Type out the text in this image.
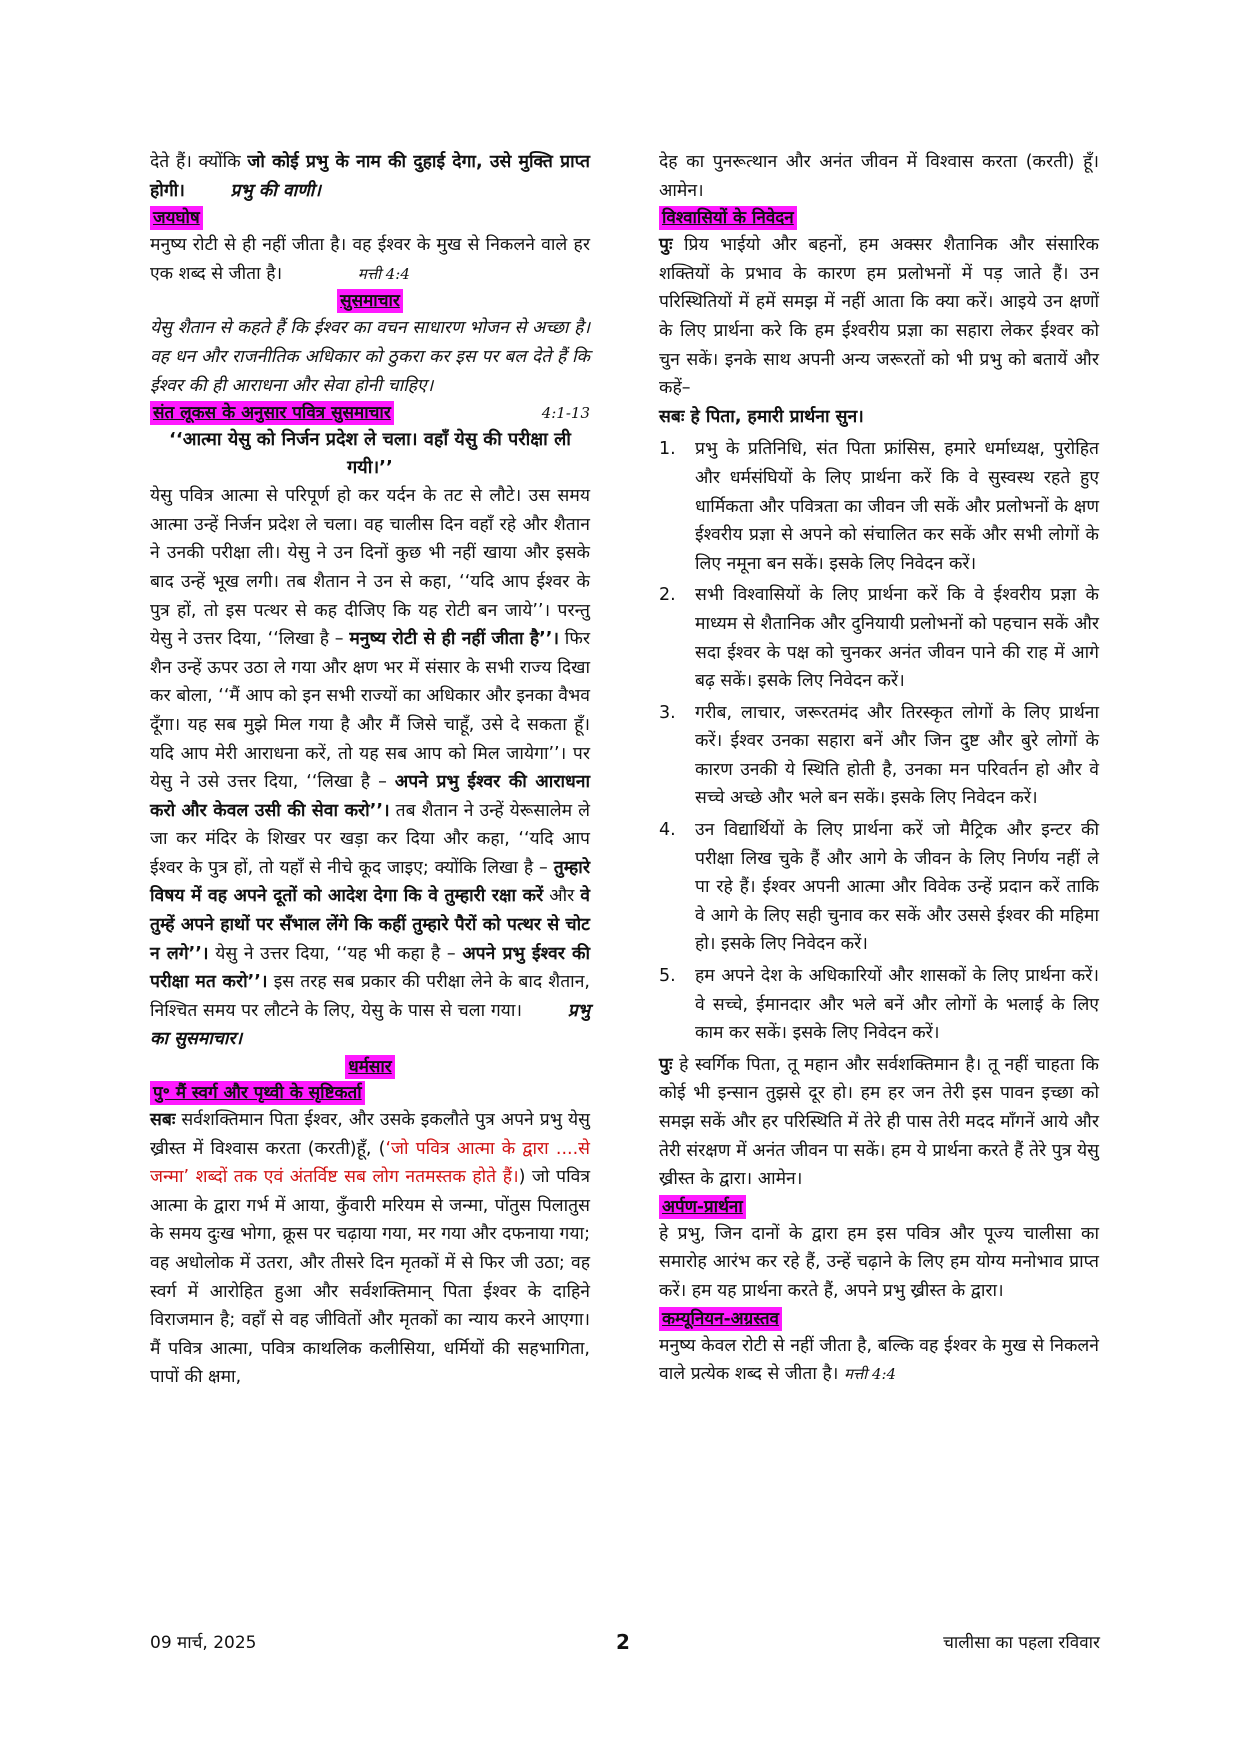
देते हैं। क्योंकि जो कोई प्रभु के नाम की दुहाई देगा, उसे मुक्ति प्राप्त होगी।	प्रभु की वाणी।

जयघोष

मनुष्य रोटी से ही नहीं जीता है। वह ईश्वर के मुख से निकलने वाले हर एक शब्द से जीता है।	मत्ती 4:4

सुसमाचार

येसु शैतान से कहते हैं कि ईश्वर का वचन साधारण भोजन से अच्छा है। वह धन और राजनीतिक अधिकार को ठुकरा कर इस पर बल देते हैं कि ईश्वर की ही आराधना और सेवा होनी चाहिए।

संत लूकस के अनुसार पवित्र सुसमाचार	4:1-13

‘‘आत्मा येसु को निर्जन प्रदेश ले चला। वहाँ येसु की परीक्षा ली गयी।’’

येसु पवित्र आत्मा से परिपूर्ण हो कर यर्दन के तट से लौटे। उस समय आत्मा उन्हें निर्जन प्रदेश ले चला। वह चालीस दिन वहाँ रहे और शैतान ने उनकी परीक्षा ली। येसु ने उन दिनों कुछ भी नहीं खाया और इसके बाद उन्हें भूख लगी। तब शैतान ने उन से कहा, ‘‘यदि आप ईश्वर के पुत्र हों, तो इस पत्थर से कह दीजिए कि यह रोटी बन जाये’’। परन्तु येसु ने उत्तर दिया, ‘‘लिखा है – मनुष्य रोटी से ही नहीं जीता है’’। फिर शैन उन्हें ऊपर उठा ले गया और क्षण भर में संसार के सभी राज्य दिखा कर बोला, ‘‘मैं आप को इन सभी राज्यों का अधिकार और इनका वैभव दूँगा। यह सब मुझे मिल गया है और मैं जिसे चाहूँ, उसे दे सकता हूँ। यदि आप मेरी आराधना करें, तो यह सब आप को मिल जायेगा’’। पर येसु ने उसे उत्तर दिया, ‘‘लिखा है – अपने प्रभु ईश्वर की आराधना करो और केवल उसी की सेवा करो’’। तब शैतान ने उन्हें येरूसालेम ले जा कर मंदिर के शिखर पर खड़ा कर दिया और कहा, ‘‘यदि आप ईश्वर के पुत्र हों, तो यहाँ से नीचे कूद जाइए; क्योंकि लिखा है – तुम्हारे विषय में वह अपने दूतों को आदेश देगा कि वे तुम्हारी रक्षा करें और वे तुम्हें अपने हाथों पर सँभाल लेंगे कि कहीं तुम्हारे पैरों को पत्थर से चोट न लगे’’। येसु ने उत्तर दिया, ‘‘यह भी कहा है – अपने प्रभु ईश्वर की परीक्षा मत करो’’। इस तरह सब प्रकार की परीक्षा लेने के बाद शैतान, निश्चित समय पर लौटने के लिए, येसु के पास से चला गया।	प्रभु का सुसमाचार।

धर्मसार
पु॰ मैं स्वर्ग और पृथ्वी के सृष्टिकर्ता

सबः सर्वशक्तिमान पिता ईश्वर, और उसके इकलौते पुत्र अपने प्रभु येसु ख्रीस्त में विश्वास करता (करती)हूँ, (‘जो पवित्र आत्मा के द्वारा ....से जन्मा’ शब्दों तक एवं अंतर्विष्ट सब लोग नतमस्तक होते हैं।) जो पवित्र आत्मा के द्वारा गर्भ में आया, कुँवारी मरियम से जन्मा, पोंतुस पिलातुस के समय दुःख भोगा, क्रूस पर चढ़ाया गया, मर गया और दफनाया गया; वह अधोलोक में उतरा, और तीसरे दिन मृतकों में से फिर जी उठा; वह स्वर्ग में आरोहित हुआ और सर्वशक्तिमान् पिता ईश्वर के दाहिने विराजमान है; वहाँ से वह जीवितों और मृतकों का न्याय करने आएगा। मैं पवित्र आत्मा, पवित्र काथलिक कलीसिया, धर्मियों की सहभागिता, पापों की क्षमा,

देह का पुनरूत्थान और अनंत जीवन में विश्वास करता (करती) हूँ। आमेन।

विश्वासियों के निवेदन

पुः प्रिय भाईयो और बहनों, हम अक्सर शैतानिक और संसारिक शक्तियों के प्रभाव के कारण हम प्रलोभनों में पड़ जाते हैं। उन परिस्थितियों में हमें समझ में नहीं आता कि क्या करें। आइये उन क्षणों के लिए प्रार्थना करे कि हम ईश्वरीय प्रज्ञा का सहारा लेकर ईश्वर को चुन सकें। इनके साथ अपनी अन्य जरूरतों को भी प्रभु को बतायें और कहें–

सबः हे पिता, हमारी प्रार्थना सुन।

1. प्रभु के प्रतिनिधि, संत पिता फ्रांसिस, हमारे धर्माध्यक्ष, पुरोहित और धर्मसंघियों के लिए प्रार्थना करें कि वे सुस्वस्थ रहते हुए धार्मिकता और पवित्रता का जीवन जी सकें और प्रलोभनों के क्षण ईश्वरीय प्रज्ञा से अपने को संचालित कर सकें और सभी लोगों के लिए नमूना बन सकें। इसके लिए निवेदन करें।
2. सभी विश्वासियों के लिए प्रार्थना करें कि वे ईश्वरीय प्रज्ञा के माध्यम से शैतानिक और दुनियायी प्रलोभनों को पहचान सकें और सदा ईश्वर के पक्ष को चुनकर अनंत जीवन पाने की राह में आगे बढ़ सकें। इसके लिए निवेदन करें।
3. गरीब, लाचार, जरूरतमंद और तिरस्कृत लोगों के लिए प्रार्थना करें। ईश्वर उनका सहारा बनें और जिन दुष्ट और बुरे लोगों के कारण उनकी ये स्थिति होती है, उनका मन परिवर्तन हो और वे सच्चे अच्छे और भले बन सकें। इसके लिए निवेदन करें।
4. उन विद्यार्थियों के लिए प्रार्थना करें जो मैट्रिक और इन्टर की परीक्षा लिख चुके हैं और आगे के जीवन के लिए निर्णय नहीं ले पा रहे हैं। ईश्वर अपनी आत्मा और विवेक उन्हें प्रदान करें ताकि वे आगे के लिए सही चुनाव कर सकें और उससे ईश्वर की महिमा हो। इसके लिए निवेदन करें।
5. हम अपने देश के अधिकारियों और शासकों के लिए प्रार्थना करें। वे सच्चे, ईमानदार और भले बनें और लोगों के भलाई के लिए काम कर सकें। इसके लिए निवेदन करें।

पुः हे स्वर्गिक पिता, तू महान और सर्वशक्तिमान है। तू नहीं चाहता कि कोई भी इन्सान तुझसे दूर हो। हम हर जन तेरी इस पावन इच्छा को समझ सकें और हर परिस्थिति में तेरे ही पास तेरी मदद माँगनें आये और तेरी संरक्षण में अनंत जीवन पा सकें। हम ये प्रार्थना करते हैं तेरे पुत्र येसु ख्रीस्त के द्वारा। आमेन।

अर्पण-प्रार्थना

हे प्रभु, जिन दानों के द्वारा हम इस पवित्र और पूज्य चालीसा का समारोह आरंभ कर रहे हैं, उन्हें चढ़ाने के लिए हम योग्य मनोभाव प्राप्त करें। हम यह प्रार्थना करते हैं, अपने प्रभु ख्रीस्त के द्वारा।

कम्यूनियन-अग्रस्तव

मनुष्य केवल रोटी से नहीं जीता है, बल्कि वह ईश्वर के मुख से निकलने वाले प्रत्येक शब्द से जीता है। मत्ती 4:4

09 मार्च, 2025	2	चालीसा का पहला रविवार
